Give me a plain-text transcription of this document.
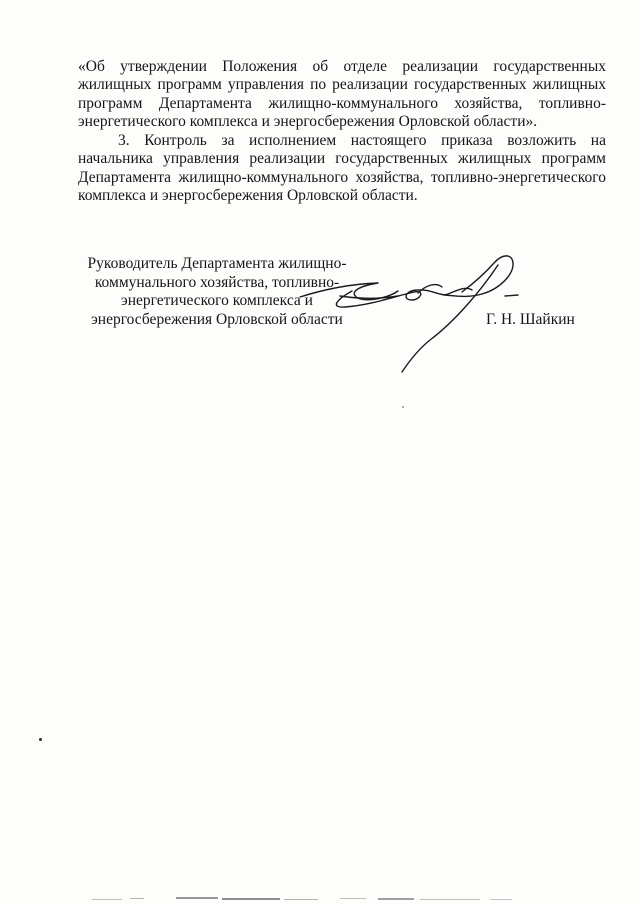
«Об утверждении Положения об отделе реализации государственных жилищных программ управления по реализации государственных жилищных программ Департамента жилищно-коммунального хозяйства, топливно-энергетического комплекса и энергосбережения Орловской области».

3. Контроль за исполнением настоящего приказа возложить на начальника управления реализации государственных жилищных программ Департамента жилищно-коммунального хозяйства, топливно-энергетического комплекса и энергосбережения Орловской области.

Руководитель Департамента жилищно-
коммунального хозяйства, топливно-
энергетического комплекса и
энергосбережения Орловской области	Г. Н. Шайкин
